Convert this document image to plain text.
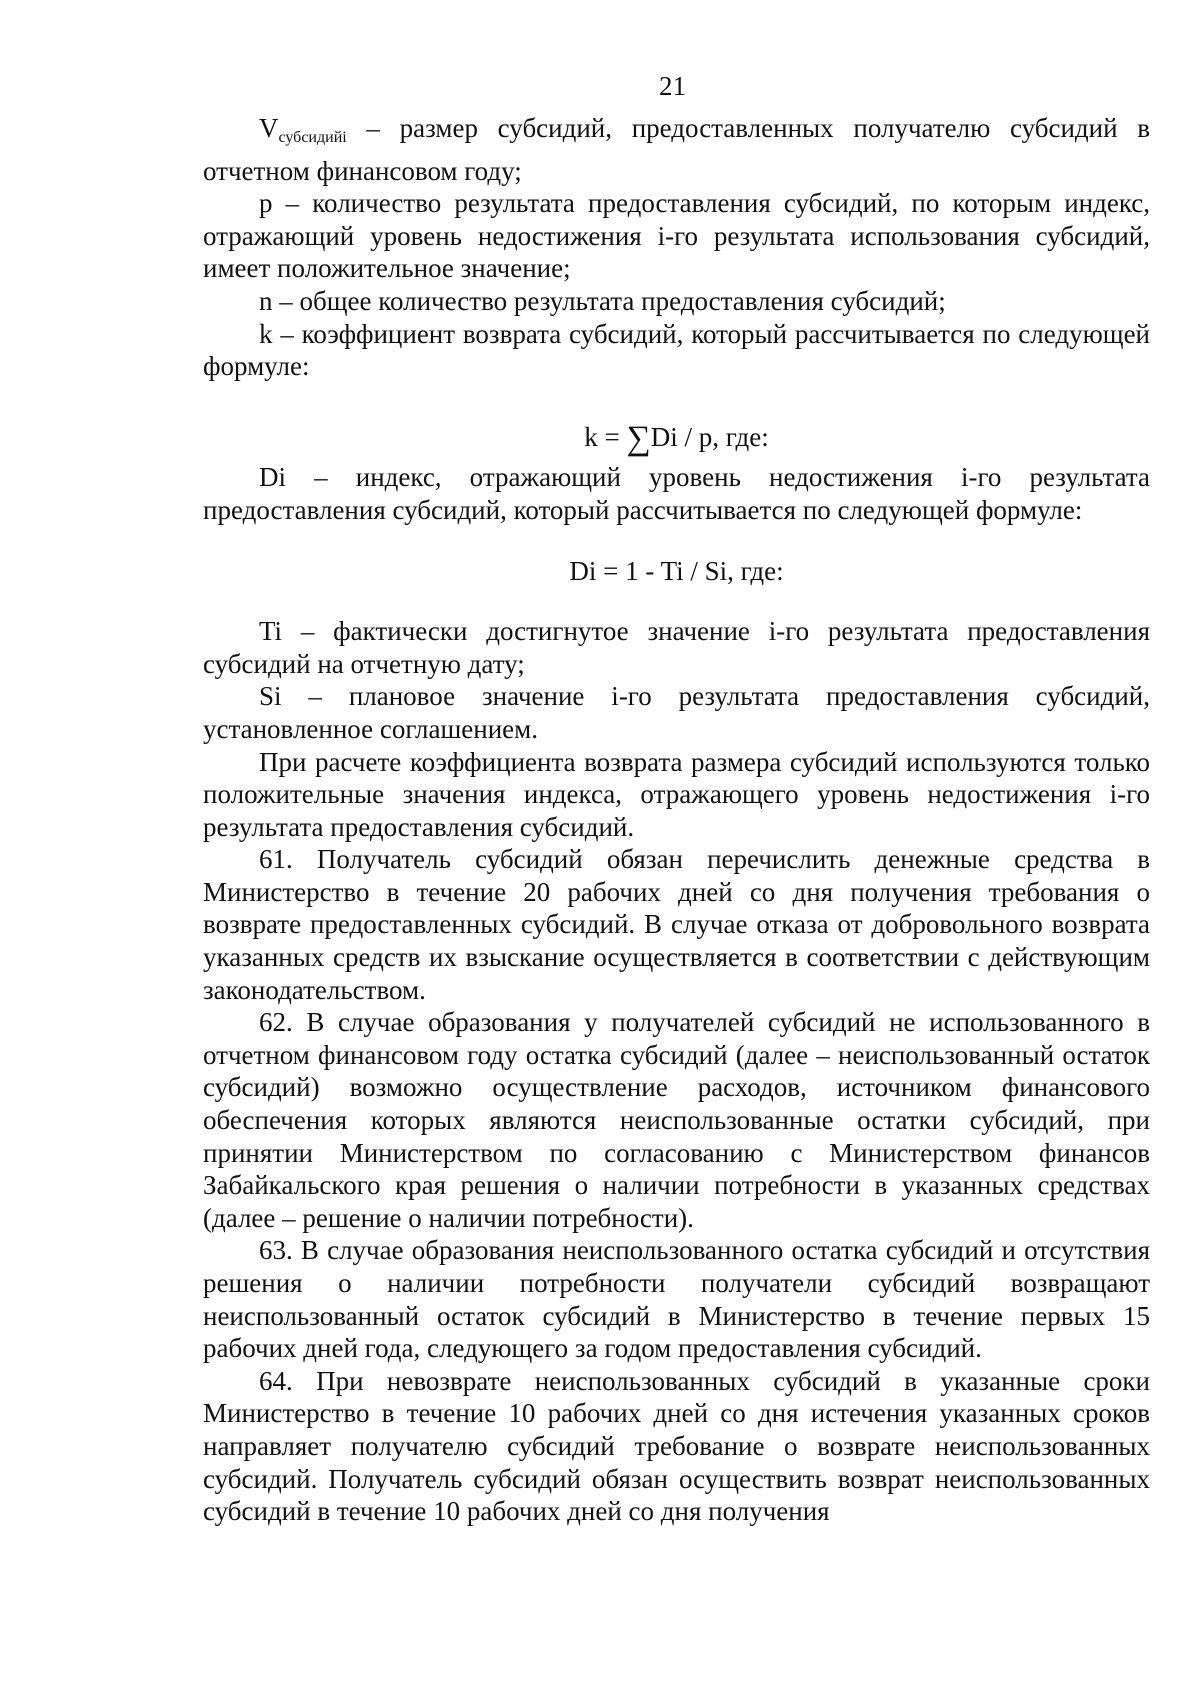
21

$V_{субсидийi}$ – размер субсидий, предоставленных получателю субсидий в отчетном финансовом году;

p – количество результата предоставления субсидий, по которым индекс, отражающий уровень недостижения i-го результата использования субсидий, имеет положительное значение;

n – общее количество результата предоставления субсидий;

k – коэффициент возврата субсидий, который рассчитывается по следующей формуле:

k = ∑Di / p, где:

Di – индекс, отражающий уровень недостижения i-го результата предоставления субсидий, который рассчитывается по следующей формуле:

Di = 1 - Ti / Si, где:

Ti – фактически достигнутое значение i-го результата предоставления субсидий на отчетную дату;

Si – плановое значение i-го результата предоставления субсидий, установленное соглашением.

При расчете коэффициента возврата размера субсидий используются только положительные значения индекса, отражающего уровень недостижения i-го результата предоставления субсидий.

61. Получатель субсидий обязан перечислить денежные средства в Министерство в течение 20 рабочих дней со дня получения требования о возврате предоставленных субсидий. В случае отказа от добровольного возврата указанных средств их взыскание осуществляется в соответствии с действующим законодательством.

62. В случае образования у получателей субсидий не использованного в отчетном финансовом году остатка субсидий (далее – неиспользованный остаток субсидий) возможно осуществление расходов, источником финансового обеспечения которых являются неиспользованные остатки субсидий, при принятии Министерством по согласованию с Министерством финансов Забайкальского края решения о наличии потребности в указанных средствах (далее – решение о наличии потребности).

63. В случае образования неиспользованного остатка субсидий и отсутствия решения о наличии потребности получатели субсидий возвращают неиспользованный остаток субсидий в Министерство в течение первых 15 рабочих дней года, следующего за годом предоставления субсидий.

64. При невозврате неиспользованных субсидий в указанные сроки Министерство в течение 10 рабочих дней со дня истечения указанных сроков направляет получателю субсидий требование о возврате неиспользованных субсидий. Получатель субсидий обязан осуществить возврат неиспользованных субсидий в течение 10 рабочих дней со дня получения
